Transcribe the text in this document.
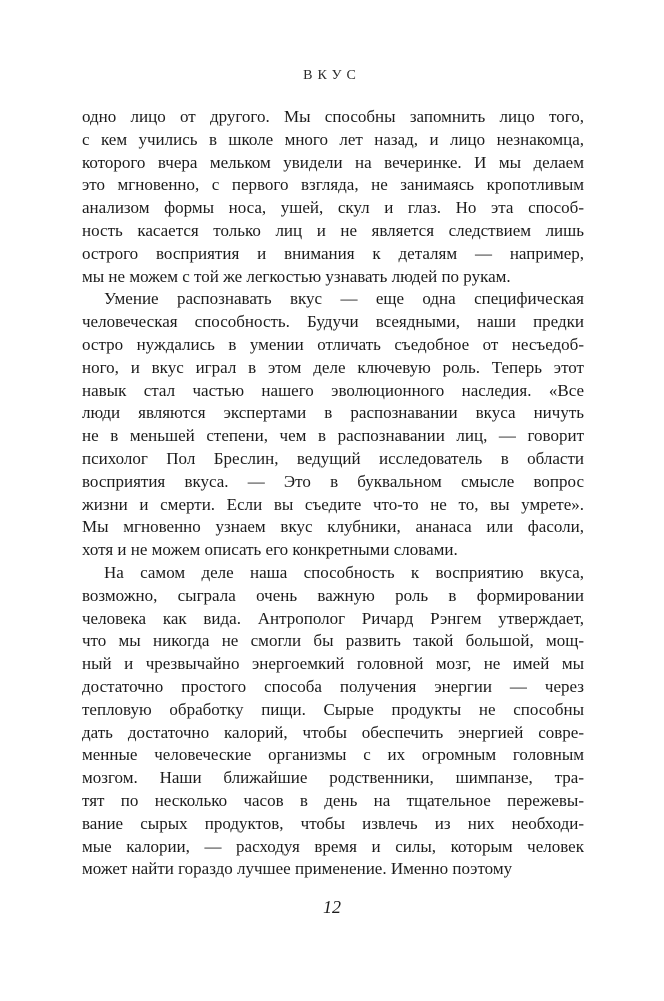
ВКУС
одно лицо от другого. Мы способны запомнить лицо того,
с кем учились в школе много лет назад, и лицо незнакомца,
которого вчера мельком увидели на вечеринке. И мы делаем
это мгновенно, с первого взгляда, не занимаясь кропотливым
анализом формы носа, ушей, скул и глаз. Но эта способ-
ность касается только лиц и не является следствием лишь
острого восприятия и внимания к деталям — например,
мы не можем с той же легкостью узнавать людей по рукам.
Умение распознавать вкус — еще одна специфическая
человеческая способность. Будучи всеядными, наши предки
остро нуждались в умении отличать съедобное от несъедоб-
ного, и вкус играл в этом деле ключевую роль. Теперь этот
навык стал частью нашего эволюционного наследия. «Все
люди являются экспертами в распознавании вкуса ничуть
не в меньшей степени, чем в распознавании лиц, — говорит
психолог Пол Бреслин, ведущий исследователь в области
восприятия вкуса. — Это в буквальном смысле вопрос
жизни и смерти. Если вы съедите что-то не то, вы умрете».
Мы мгновенно узнаем вкус клубники, ананаса или фасоли,
хотя и не можем описать его конкретными словами.
На самом деле наша способность к восприятию вкуса,
возможно, сыграла очень важную роль в формировании
человека как вида. Антрополог Ричард Рэнгем утверждает,
что мы никогда не смогли бы развить такой большой, мощ-
ный и чрезвычайно энергоемкий головной мозг, не имей мы
достаточно простого способа получения энергии — через
тепловую обработку пищи. Сырые продукты не способны
дать достаточно калорий, чтобы обеспечить энергией совре-
менные человеческие организмы с их огромным головным
мозгом. Наши ближайшие родственники, шимпанзе, тра-
тят по несколько часов в день на тщательное пережевы-
вание сырых продуктов, чтобы извлечь из них необходи-
мые калории, — расходуя время и силы, которым человек
может найти гораздо лучшее применение. Именно поэтому
12
